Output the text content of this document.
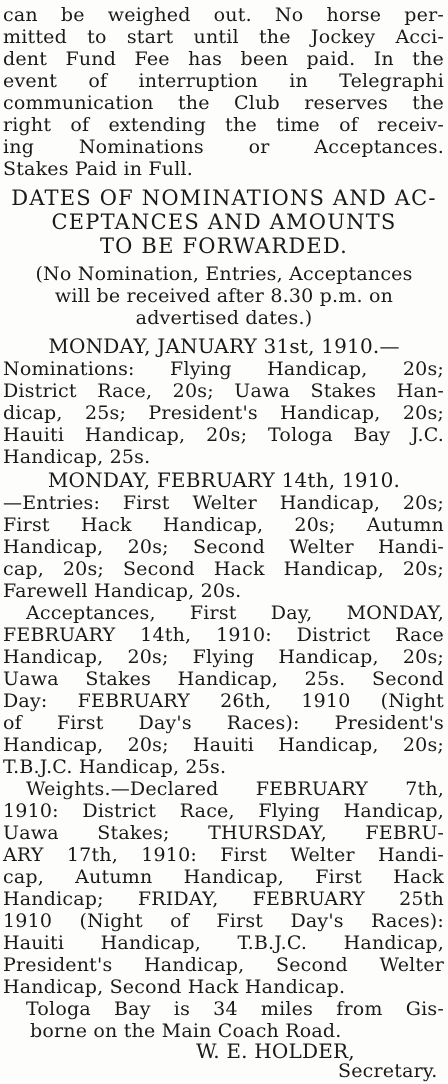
can be weighed out. No horse per-
mitted to start until the Jockey Acci-
dent Fund Fee has been paid. In the
event of interruption in Telegraphi
communication the Club reserves the
right of extending the time of receiv-
ing Nominations or Acceptances.
Stakes Paid in Full.
DATES OF NOMINATIONS AND AC-
CEPTANCES AND AMOUNTS
TO BE FORWARDED.
(No Nomination, Entries, Acceptances
will be received after 8.30 p.m. on
advertised dates.)
MONDAY, JANUARY 31st, 1910.—
Nominations: Flying Handicap, 20s;
District Race, 20s; Uawa Stakes Han-
dicap, 25s; President's Handicap, 20s;
Hauiti Handicap, 20s; Tologa Bay J.C.
Handicap, 25s.
MONDAY, FEBRUARY 14th, 1910.
—Entries: First Welter Handicap, 20s;
First Hack Handicap, 20s; Autumn
Handicap, 20s; Second Welter Handi-
cap, 20s; Second Hack Handicap, 20s;
Farewell Handicap, 20s.
Acceptances, First Day, MONDAY,
FEBRUARY 14th, 1910: District Race
Handicap, 20s; Flying Handicap, 20s;
Uawa Stakes Handicap, 25s. Second
Day: FEBRUARY 26th, 1910 (Night
of First Day's Races): President's
Handicap, 20s; Hauiti Handicap, 20s;
T.B.J.C. Handicap, 25s.
Weights.—Declared FEBRUARY 7th,
1910: District Race, Flying Handicap,
Uawa Stakes; THURSDAY, FEBRU-
ARY 17th, 1910: First Welter Handi-
cap, Autumn Handicap, First Hack
Handicap; FRIDAY, FEBRUARY 25th
1910 (Night of First Day's Races):
Hauiti Handicap, T.B.J.C. Handicap,
President's Handicap, Second Welter
Handicap, Second Hack Handicap.
Tologa Bay is 34 miles from Gis-
borne on the Main Coach Road.
W. E. HOLDER,
Secretary.
